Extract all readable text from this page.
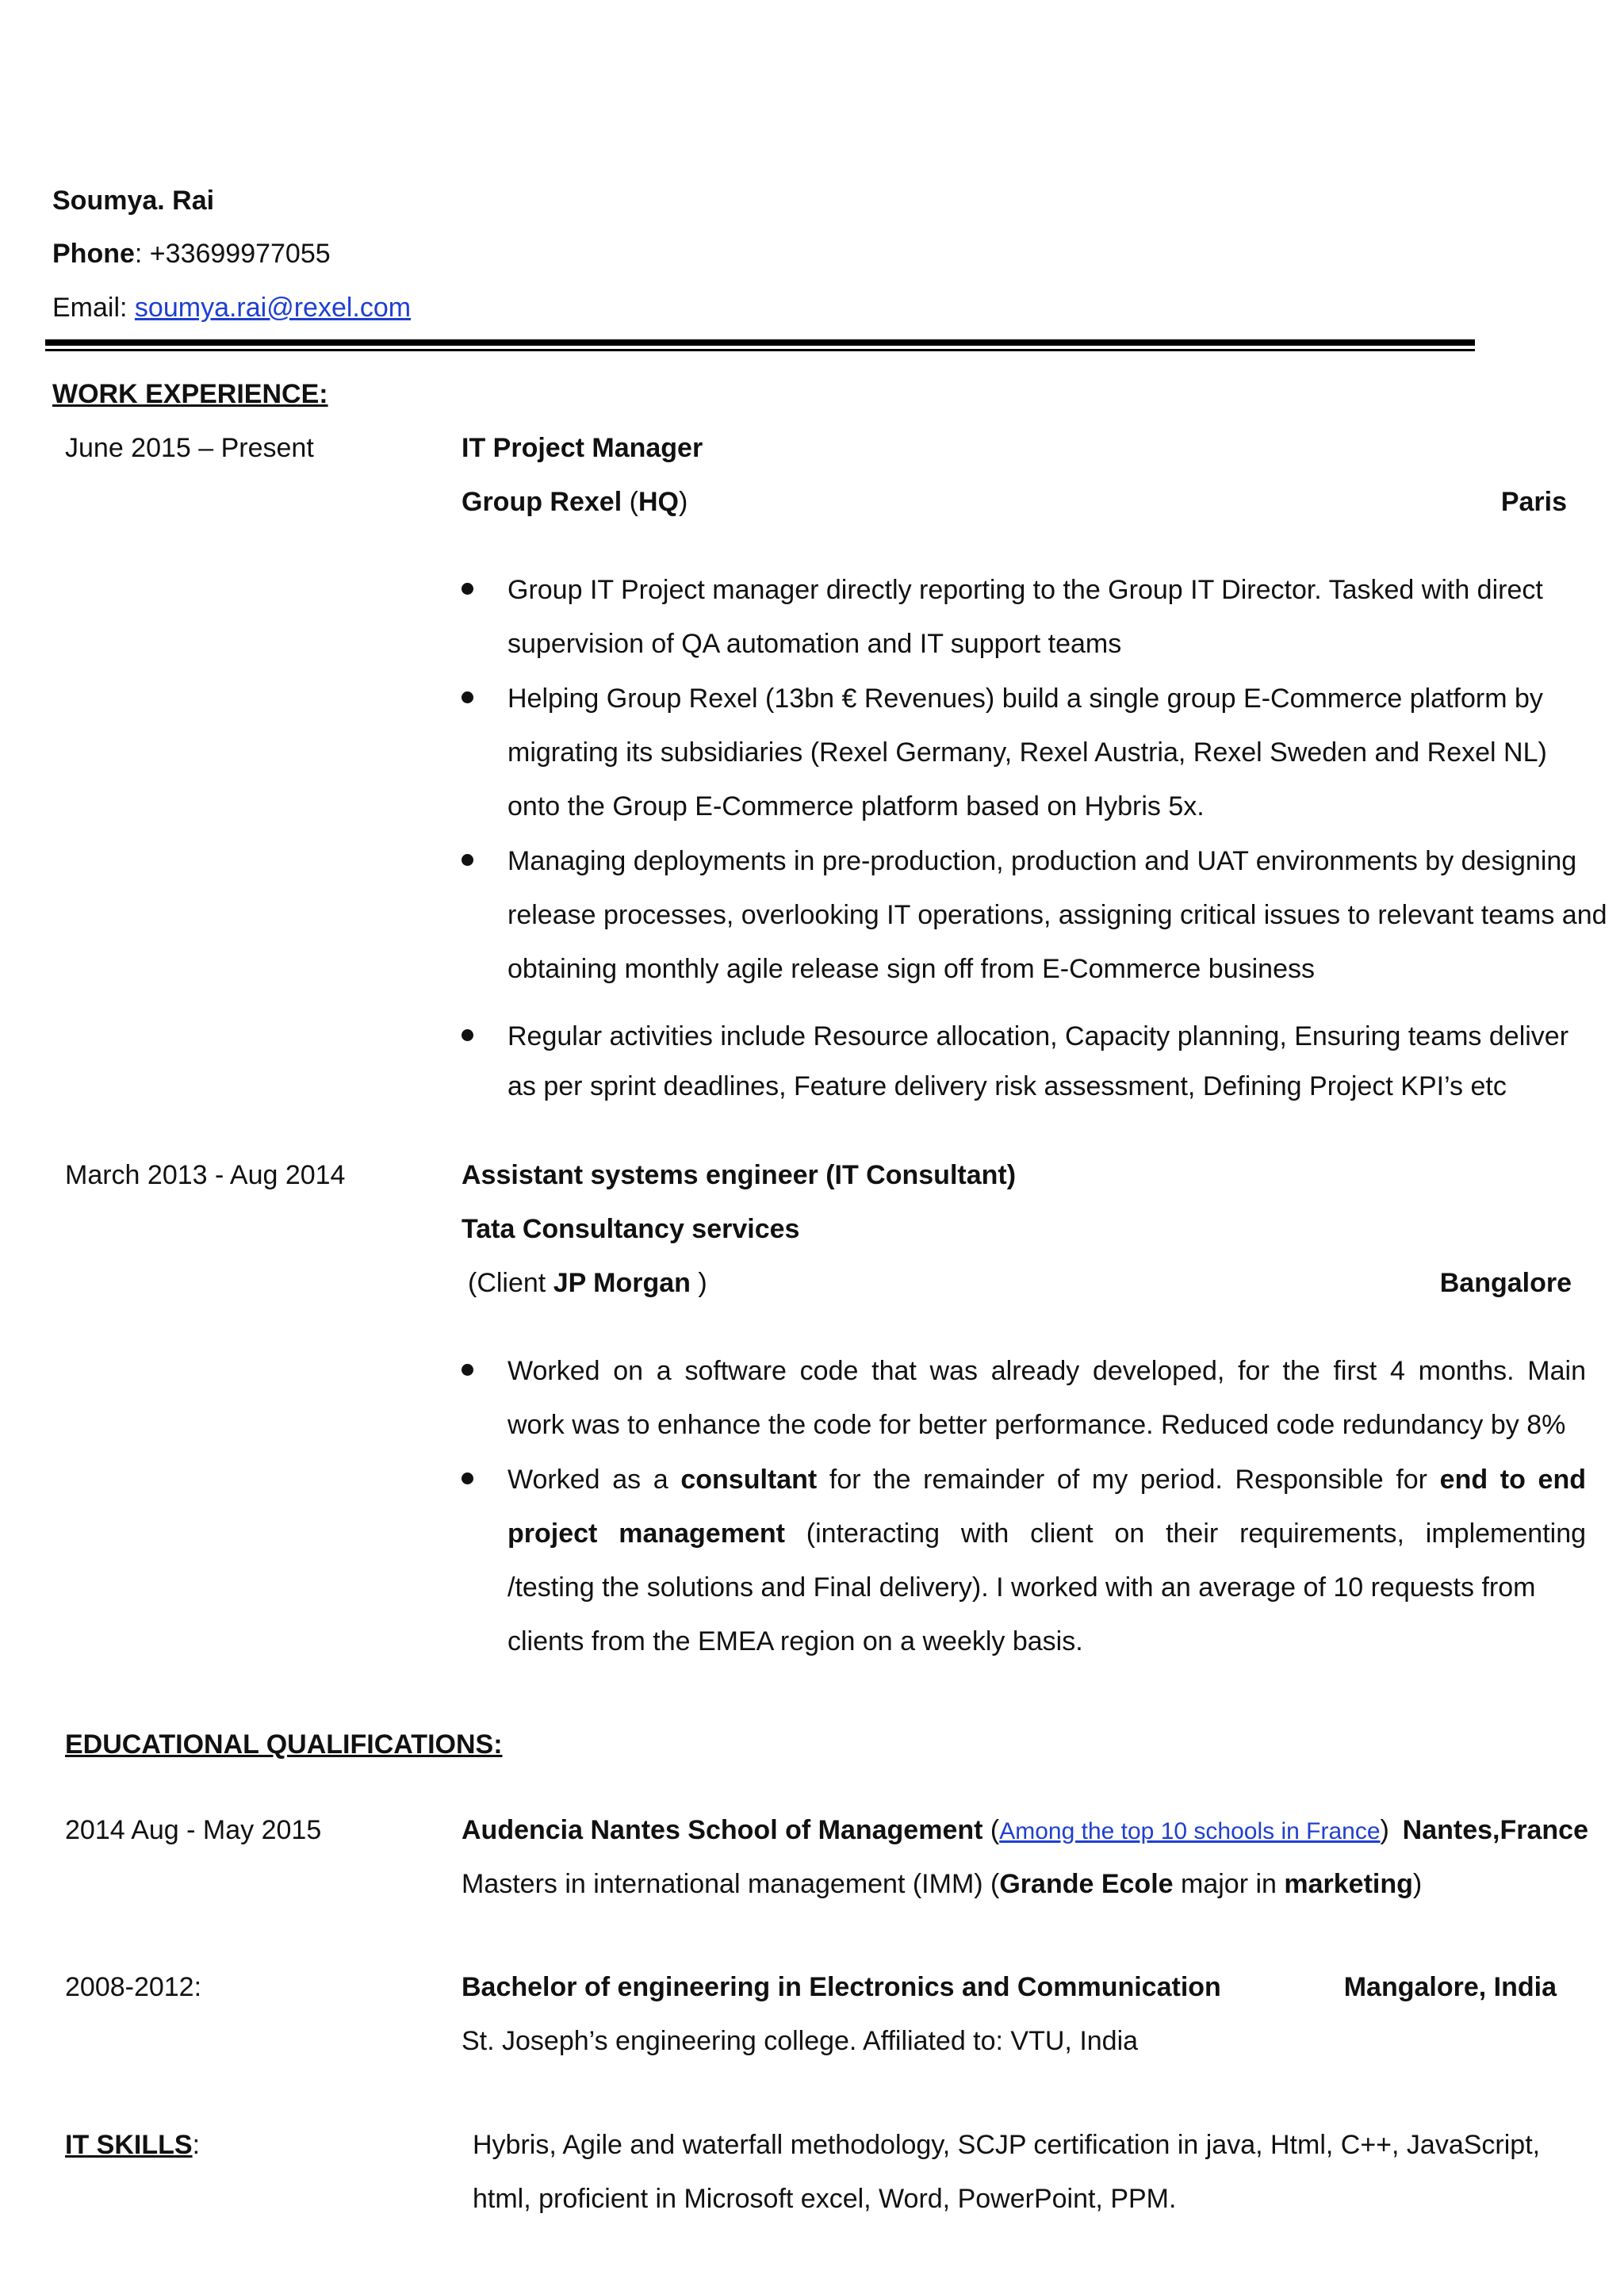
Soumya. Rai
Phone: +33699977055
Email: soumya.rai@rexel.com
WORK EXPERIENCE:
June 2015 – Present	IT Project Manager
Group Rexel (HQ)	Paris
Group IT Project manager directly reporting to the Group IT Director. Tasked with direct
supervision of QA automation and IT support teams
Helping Group Rexel (13bn € Revenues) build a single group E-Commerce platform by
migrating its subsidiaries (Rexel Germany, Rexel Austria, Rexel Sweden and Rexel NL)
onto the Group E-Commerce platform based on Hybris 5x.
Managing deployments in pre-production, production and UAT environments by designing
release processes, overlooking IT operations, assigning critical issues to relevant teams and
obtaining monthly agile release sign off from E-Commerce business
Regular activities include Resource allocation, Capacity planning, Ensuring teams deliver
as per sprint deadlines, Feature delivery risk assessment, Defining Project KPI’s etc
March 2013 - Aug 2014	Assistant systems engineer (IT Consultant)
Tata Consultancy services
(Client JP Morgan )	Bangalore
Worked on a software code that was already developed, for the first 4 months. Main
work was to enhance the code for better performance. Reduced code redundancy by 8%
Worked as a consultant for the remainder of my period. Responsible for end to end
project management (interacting with client on their requirements, implementing
/testing the solutions and Final delivery). I worked with an average of 10 requests from
clients from the EMEA region on a weekly basis.
EDUCATIONAL QUALIFICATIONS:
2014 Aug - May 2015	Audencia Nantes School of Management (Among the top 10 schools in France) Nantes,France
Masters in international management (IMM) (Grande Ecole major in marketing)
2008-2012:	Bachelor of engineering in Electronics and Communication	Mangalore, India
St. Joseph’s engineering college. Affiliated to: VTU, India
IT SKILLS:	Hybris, Agile and waterfall methodology, SCJP certification in java, Html, C++, JavaScript,
html, proficient in Microsoft excel, Word, PowerPoint, PPM.
